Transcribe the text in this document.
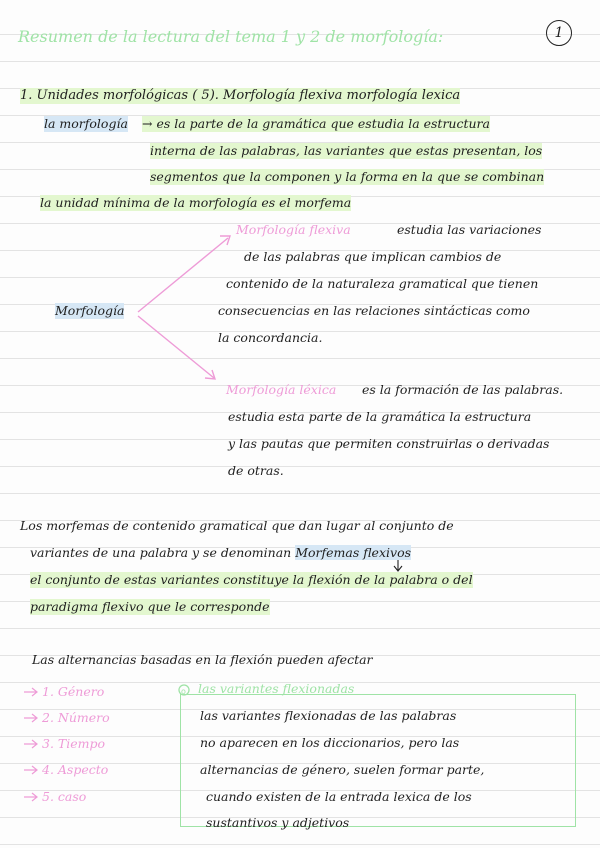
Resumen de la lectura del tema 1 y 2 de morfología:	1
1. Unidades morfológicas ( 5). Morfología flexiva morfología lexica
la morfología → es la parte de la gramática que estudia la estructura
interna de las palabras, las variantes que estas presentan, los
segmentos que la componen y la forma en la que se combinan
la unidad mínima de la morfología es el morfema
o
Morfología
Morfología flexiva	estudia las variaciones
de las palabras que implican cambios de
contenido de la naturaleza gramatical que tienen
consecuencias en las relaciones sintácticas como
la concordancia.
Morfología léxica es la formación de las palabras.
estudia esta parte de la gramática la estructura
y las pautas que permiten construirlas o derivadas
de otras.
Los morfemas de contenido gramatical que dan lugar al conjunto de
variantes de una palabra y se denominan Morfemas flexivos
el conjunto de estas variantes constituye la flexión de la palabra o del
paradigma flexivo que le corresponde
Las alternancias basadas en la flexión pueden afectar
1. Género
2. Número
3. Tiempo
4. Aspecto
5. caso
las variantes flexionadas
las variantes flexionadas de las palabras
no aparecen en los diccionarios, pero las
alternancias de género, suelen formar parte,
cuando existen de la entrada lexica de los
sustantivos y adjetivos
